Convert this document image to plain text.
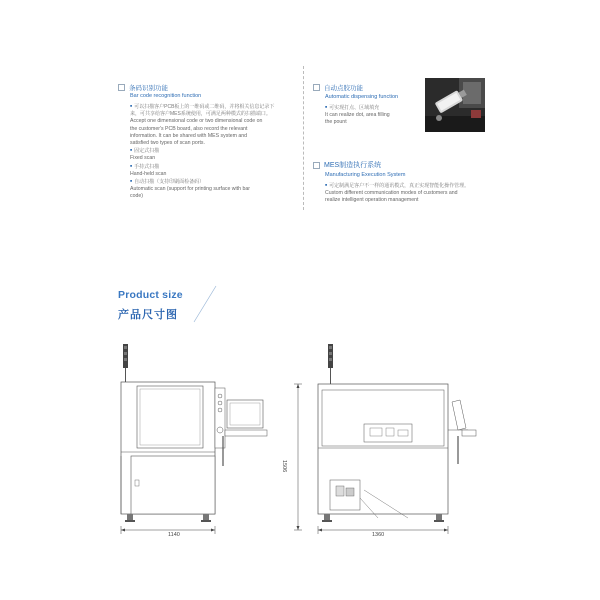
条码识别功能
Bar code recognition function
■ 可以扫描客户PCB板上的一维码或二维码，并将相关信息记录下
来，可共享给客户MES系统使用，可满足两种模式的扫描端口。
Accept one dimensional code or two dimensional code on
the customer's PCB board, also record the relevant
information. It can be shared with MES system and
satisfied two types of scan ports.
■ 固定式扫描
Fixed scan
■ 手持式扫描
Hand-held scan
■ 自动扫描（支持印刷面检备码）
Automatic scan (support for printing surface with bar
code)
自动点胶功能
Automatic dispensing function
■ 可实现打点、区域填充
It can realize dot, area filling
the pount
MES制造执行系统
Manufacturing Execution System
■ 可定制满足客户不一样的通讯模式，真正实现智能化操作管理。
Custom different communication modes of customers and
realize intelligent operation management
Product size
产品尺寸图
1140	1360
1506
